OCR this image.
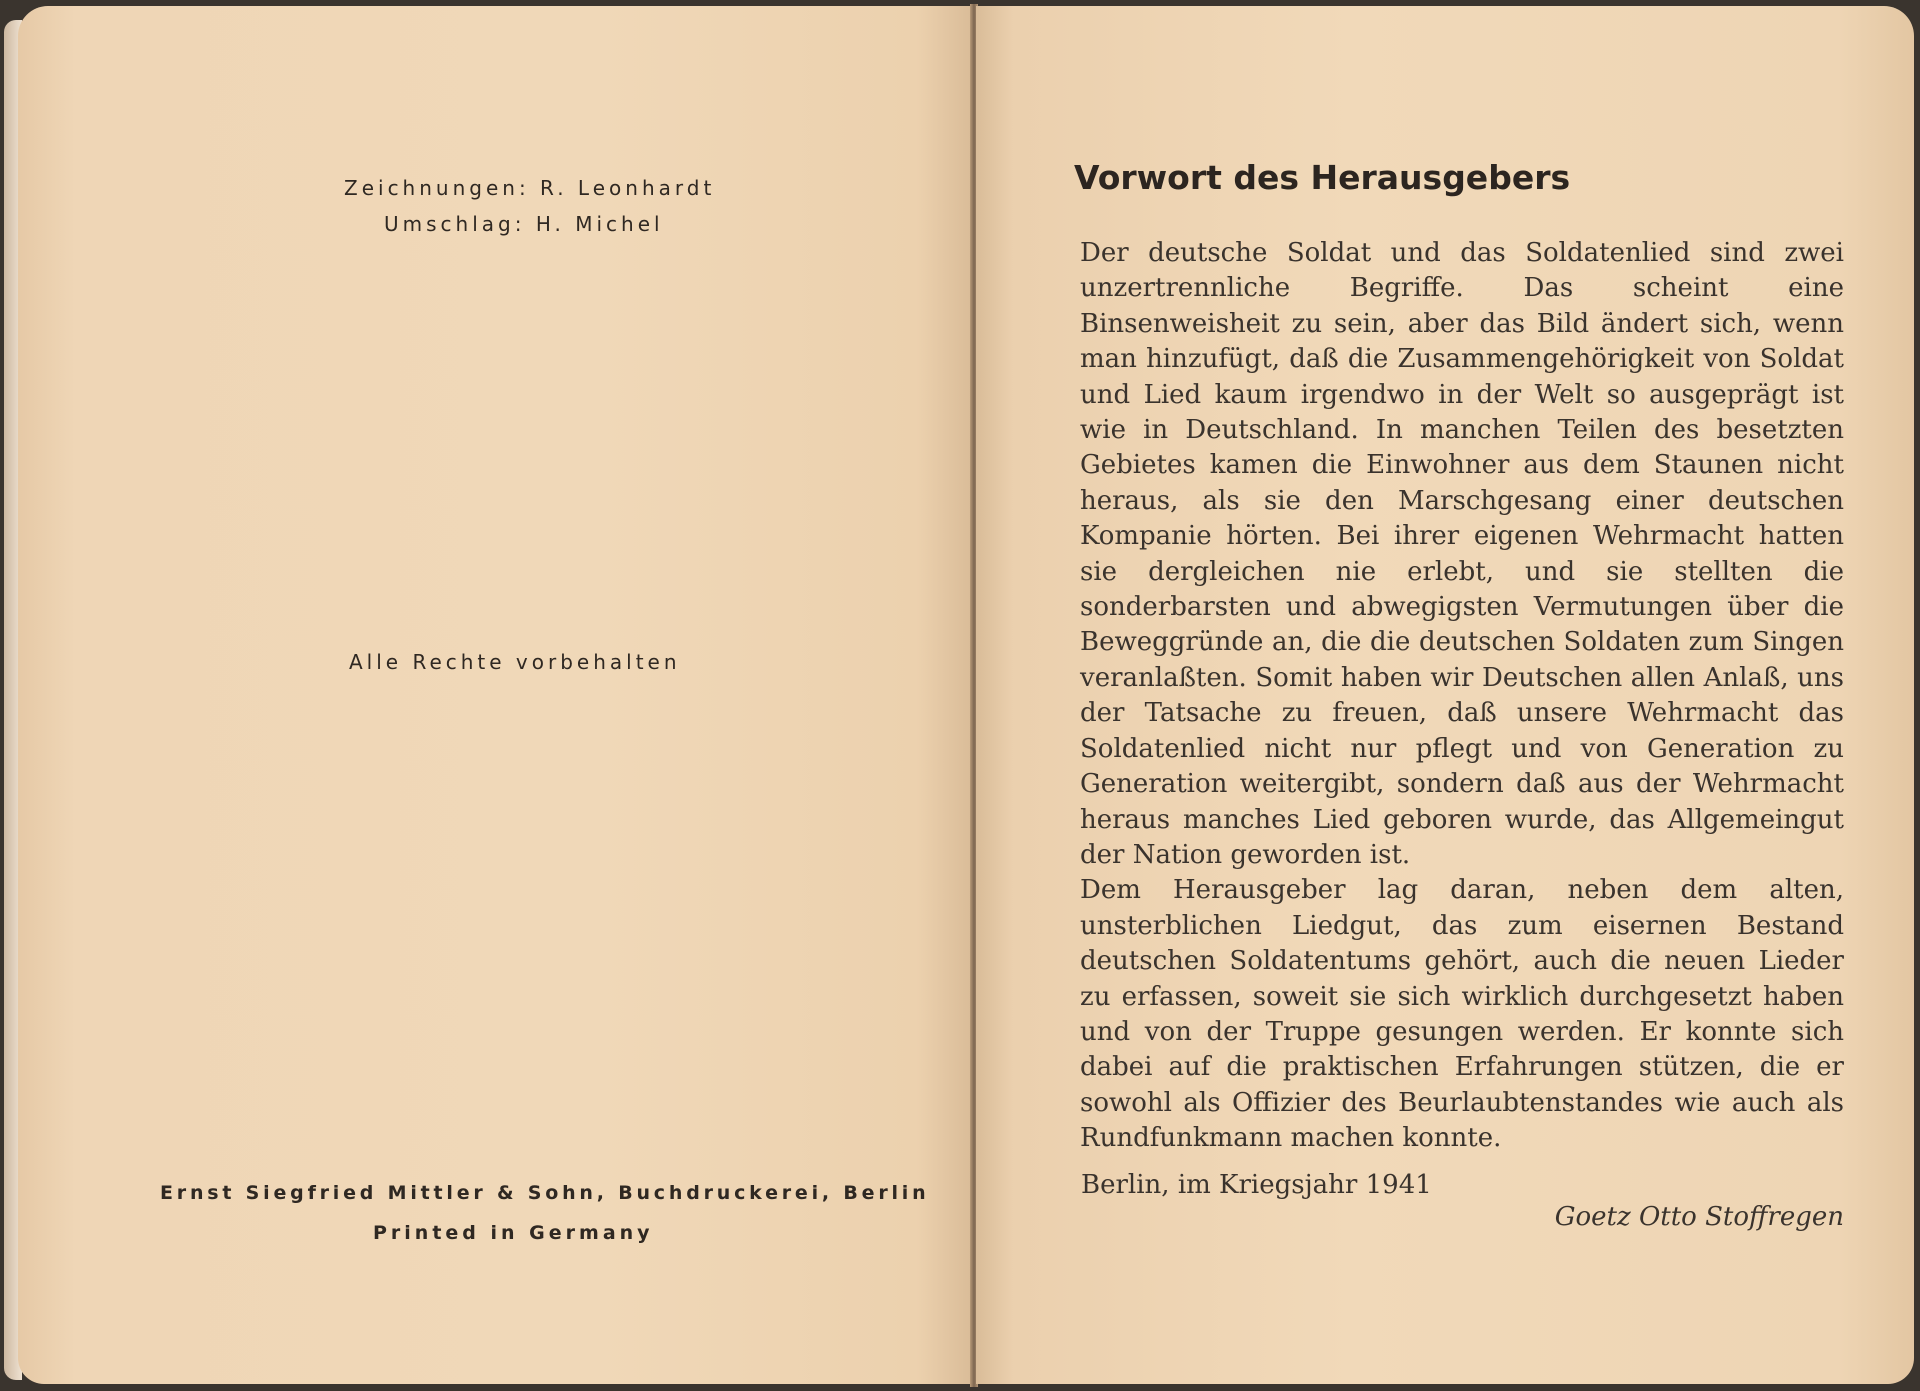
Zeichnungen: R. Leonhardt
Umschlag: H. Michel
Alle Rechte vorbehalten
Ernst Siegfried Mittler & Sohn, Buchdruckerei, Berlin
Printed in Germany
Vorwort des Herausgebers

Der deutsche Soldat und das Soldatenlied sind zwei unzertrennliche Begriffe. Das scheint eine Binsenweisheit zu sein, aber das Bild ändert sich, wenn man hinzufügt, daß die Zusammengehörigkeit von Soldat und Lied kaum irgendwo in der Welt so ausgeprägt ist wie in Deutschland. In manchen Teilen des besetzten Gebietes kamen die Einwohner aus dem Staunen nicht heraus, als sie den Marschgesang einer deutschen Kompanie hörten. Bei ihrer eigenen Wehrmacht hatten sie dergleichen nie erlebt, und sie stellten die sonderbarsten und abwegigsten Vermutungen über die Beweggründe an, die die deutschen Soldaten zum Singen veranlaßten. Somit haben wir Deutschen allen Anlaß, uns der Tatsache zu freuen, daß unsere Wehrmacht das Soldatenlied nicht nur pflegt und von Generation zu Generation weitergibt, sondern daß aus der Wehrmacht heraus manches Lied geboren wurde, das Allgemeingut der Nation geworden ist.

Dem Herausgeber lag daran, neben dem alten, unsterblichen Liedgut, das zum eisernen Bestand deutschen Soldatentums gehört, auch die neuen Lieder zu erfassen, soweit sie sich wirklich durchgesetzt haben und von der Truppe gesungen werden. Er konnte sich dabei auf die praktischen Erfahrungen stützen, die er sowohl als Offizier des Beurlaubtenstandes wie auch als Rundfunkmann machen konnte.

Berlin, im Kriegsjahr 1941
Goetz Otto Stoffregen
